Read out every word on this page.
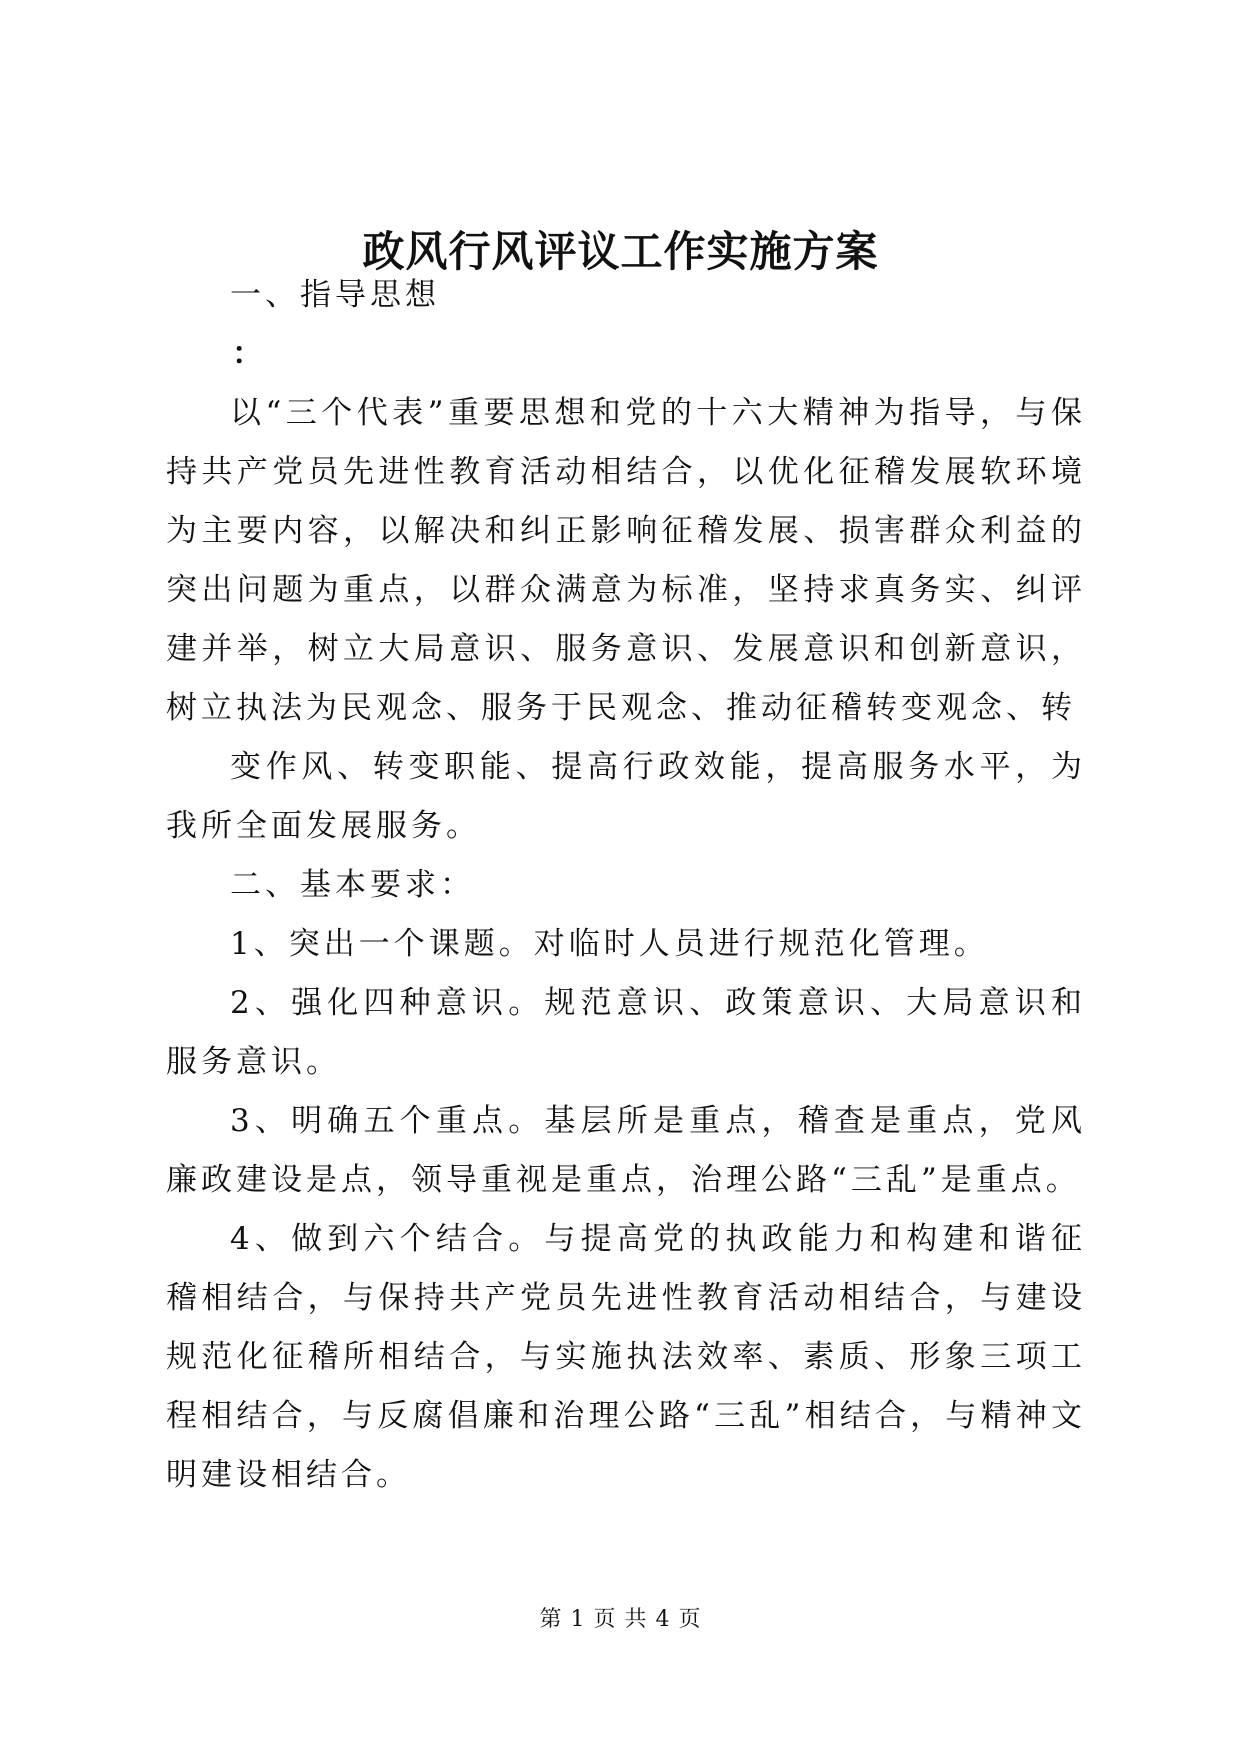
政风行风评议工作实施方案

一、指导思想

：

以“三个代表”重要思想和党的十六大精神为指导，与保持共产党员先进性教育活动相结合，以优化征稽发展软环境为主要内容，以解决和纠正影响征稽发展、损害群众利益的突出问题为重点，以群众满意为标准，坚持求真务实、纠评建并举，树立大局意识、服务意识、发展意识和创新意识，树立执法为民观念、服务于民观念、推动征稽转变观念、转

变作风、转变职能、提高行政效能，提高服务水平，为我所全面发展服务。

二、基本要求：

1、突出一个课题。对临时人员进行规范化管理。

2、强化四种意识。规范意识、政策意识、大局意识和服务意识。

3、明确五个重点。基层所是重点，稽查是重点，党风廉政建设是点，领导重视是重点，治理公路“三乱”是重点。

4、做到六个结合。与提高党的执政能力和构建和谐征稽相结合，与保持共产党员先进性教育活动相结合，与建设规范化征稽所相结合，与实施执法效率、素质、形象三项工程相结合，与反腐倡廉和治理公路“三乱”相结合，与精神文明建设相结合。

第 1 页 共 4 页
